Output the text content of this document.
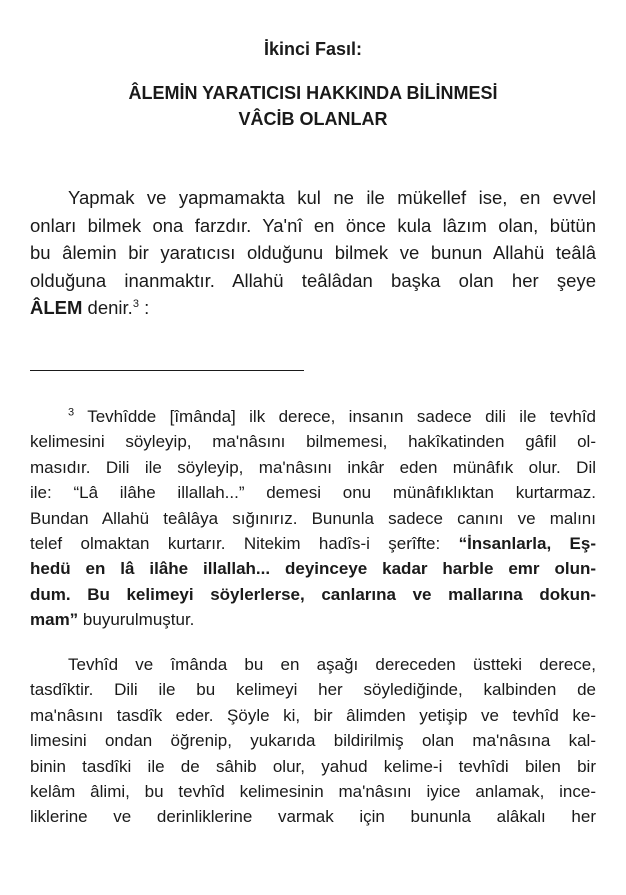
İkinci Fasıl:
ÂLEMİN YARATICISI HAKKINDA BİLİNMESİ
VÂCİB OLANLAR
Yapmak ve yapmamakta kul ne ile mükellef ise, en evvel
onları bilmek ona farzdır. Ya'nî en önce kula lâzım olan, bütün
bu âlemin bir yaratıcısı olduğunu bilmek ve bunun Allahü teâlâ
olduğuna inanmaktır. Allahü teâlâdan başka olan her şeye
ÂLEM denir.$^3$ :
$^3$ Tevhîdde [îmânda] ilk derece, insanın sadece dili ile tevhîd
kelimesini söyleyip, ma'nâsını bilmemesi, hakîkatinden gâfil ol-
masıdır. Dili ile söyleyip, ma'nâsını inkâr eden münâfık olur. Dil
ile: “Lâ ilâhe illallah...” demesi onu münâfıklıktan kurtarmaz.
Bundan Allahü teâlâya sığınırız. Bununla sadece canını ve malını
telef olmaktan kurtarır. Nitekim hadîs-i şerîfte: “İnsanlarla, Eş-
hedü en lâ ilâhe illallah... deyinceye kadar harble emr olun-
dum. Bu kelimeyi söylerlerse, canlarına ve mallarına dokun-
mam” buyurulmuştur.
Tevhîd ve îmânda bu en aşağı dereceden üstteki derece,
tasdîktir. Dili ile bu kelimeyi her söylediğinde, kalbinden de
ma'nâsını tasdîk eder. Şöyle ki, bir âlimden yetişip ve tevhîd ke-
limesini ondan öğrenip, yukarıda bildirilmiş olan ma'nâsına kal-
binin tasdîki ile de sâhib olur, yahud kelime-i tevhîdi bilen bir
kelâm âlimi, bu tevhîd kelimesinin ma'nâsını iyice anlamak, ince-
liklerine ve derinliklerine varmak için bununla alâkalı her
